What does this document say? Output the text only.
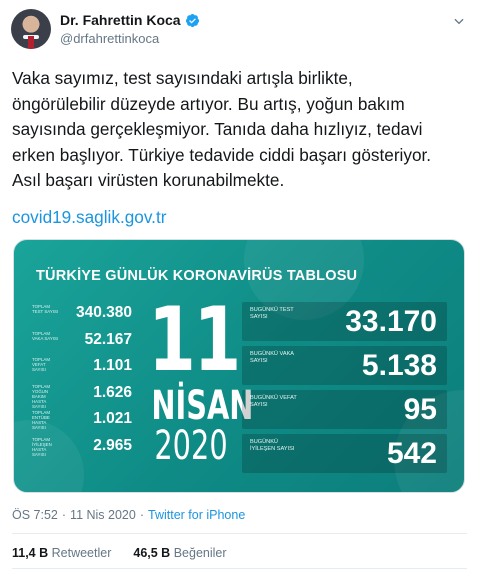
Dr. Fahrettin Koca
@drfahrettinkoca
Vaka sayımız, test sayısındaki artışla birlikte,
öngörülebilir düzeyde artıyor. Bu artış, yoğun bakım
sayısında gerçekleşmiyor. Tanıda daha hızlıyız, tedavi
erken başlıyor. Türkiye tedavide ciddi başarı gösteriyor.
Asıl başarı virüsten korunabilmekte.
covid19.saglik.gov.tr
TÜRKİYE GÜNLÜK KORONAVİRÜS TABLOSU
TOPLAM TEST SAYISI 340.380
TOPLAM VAKA SAYISI 52.167
TOPLAM VEFAT SAYISI	1.101
TOPLAM YOĞUN BAKIM HASTA SAYISI
1.626
TOPLAM ENTÜBE HASTA SAYISI
1.021
TOPLAM İYİLEŞEN HASTA SAYISI
2.965
11
NİSAN
2020
BUGÜNKÜ TEST SAYISI	33.170
BUGÜNKÜ VAKA SAYISI	5.138
BUGÜNKÜ VEFAT SAYISI	95
BUGÜNKÜ İYİLEŞEN SAYISI	542
ÖS 7:52 · 11 Nis 2020 · Twitter for iPhone
11,4 B Retweetler 46,5 B Beğeniler
